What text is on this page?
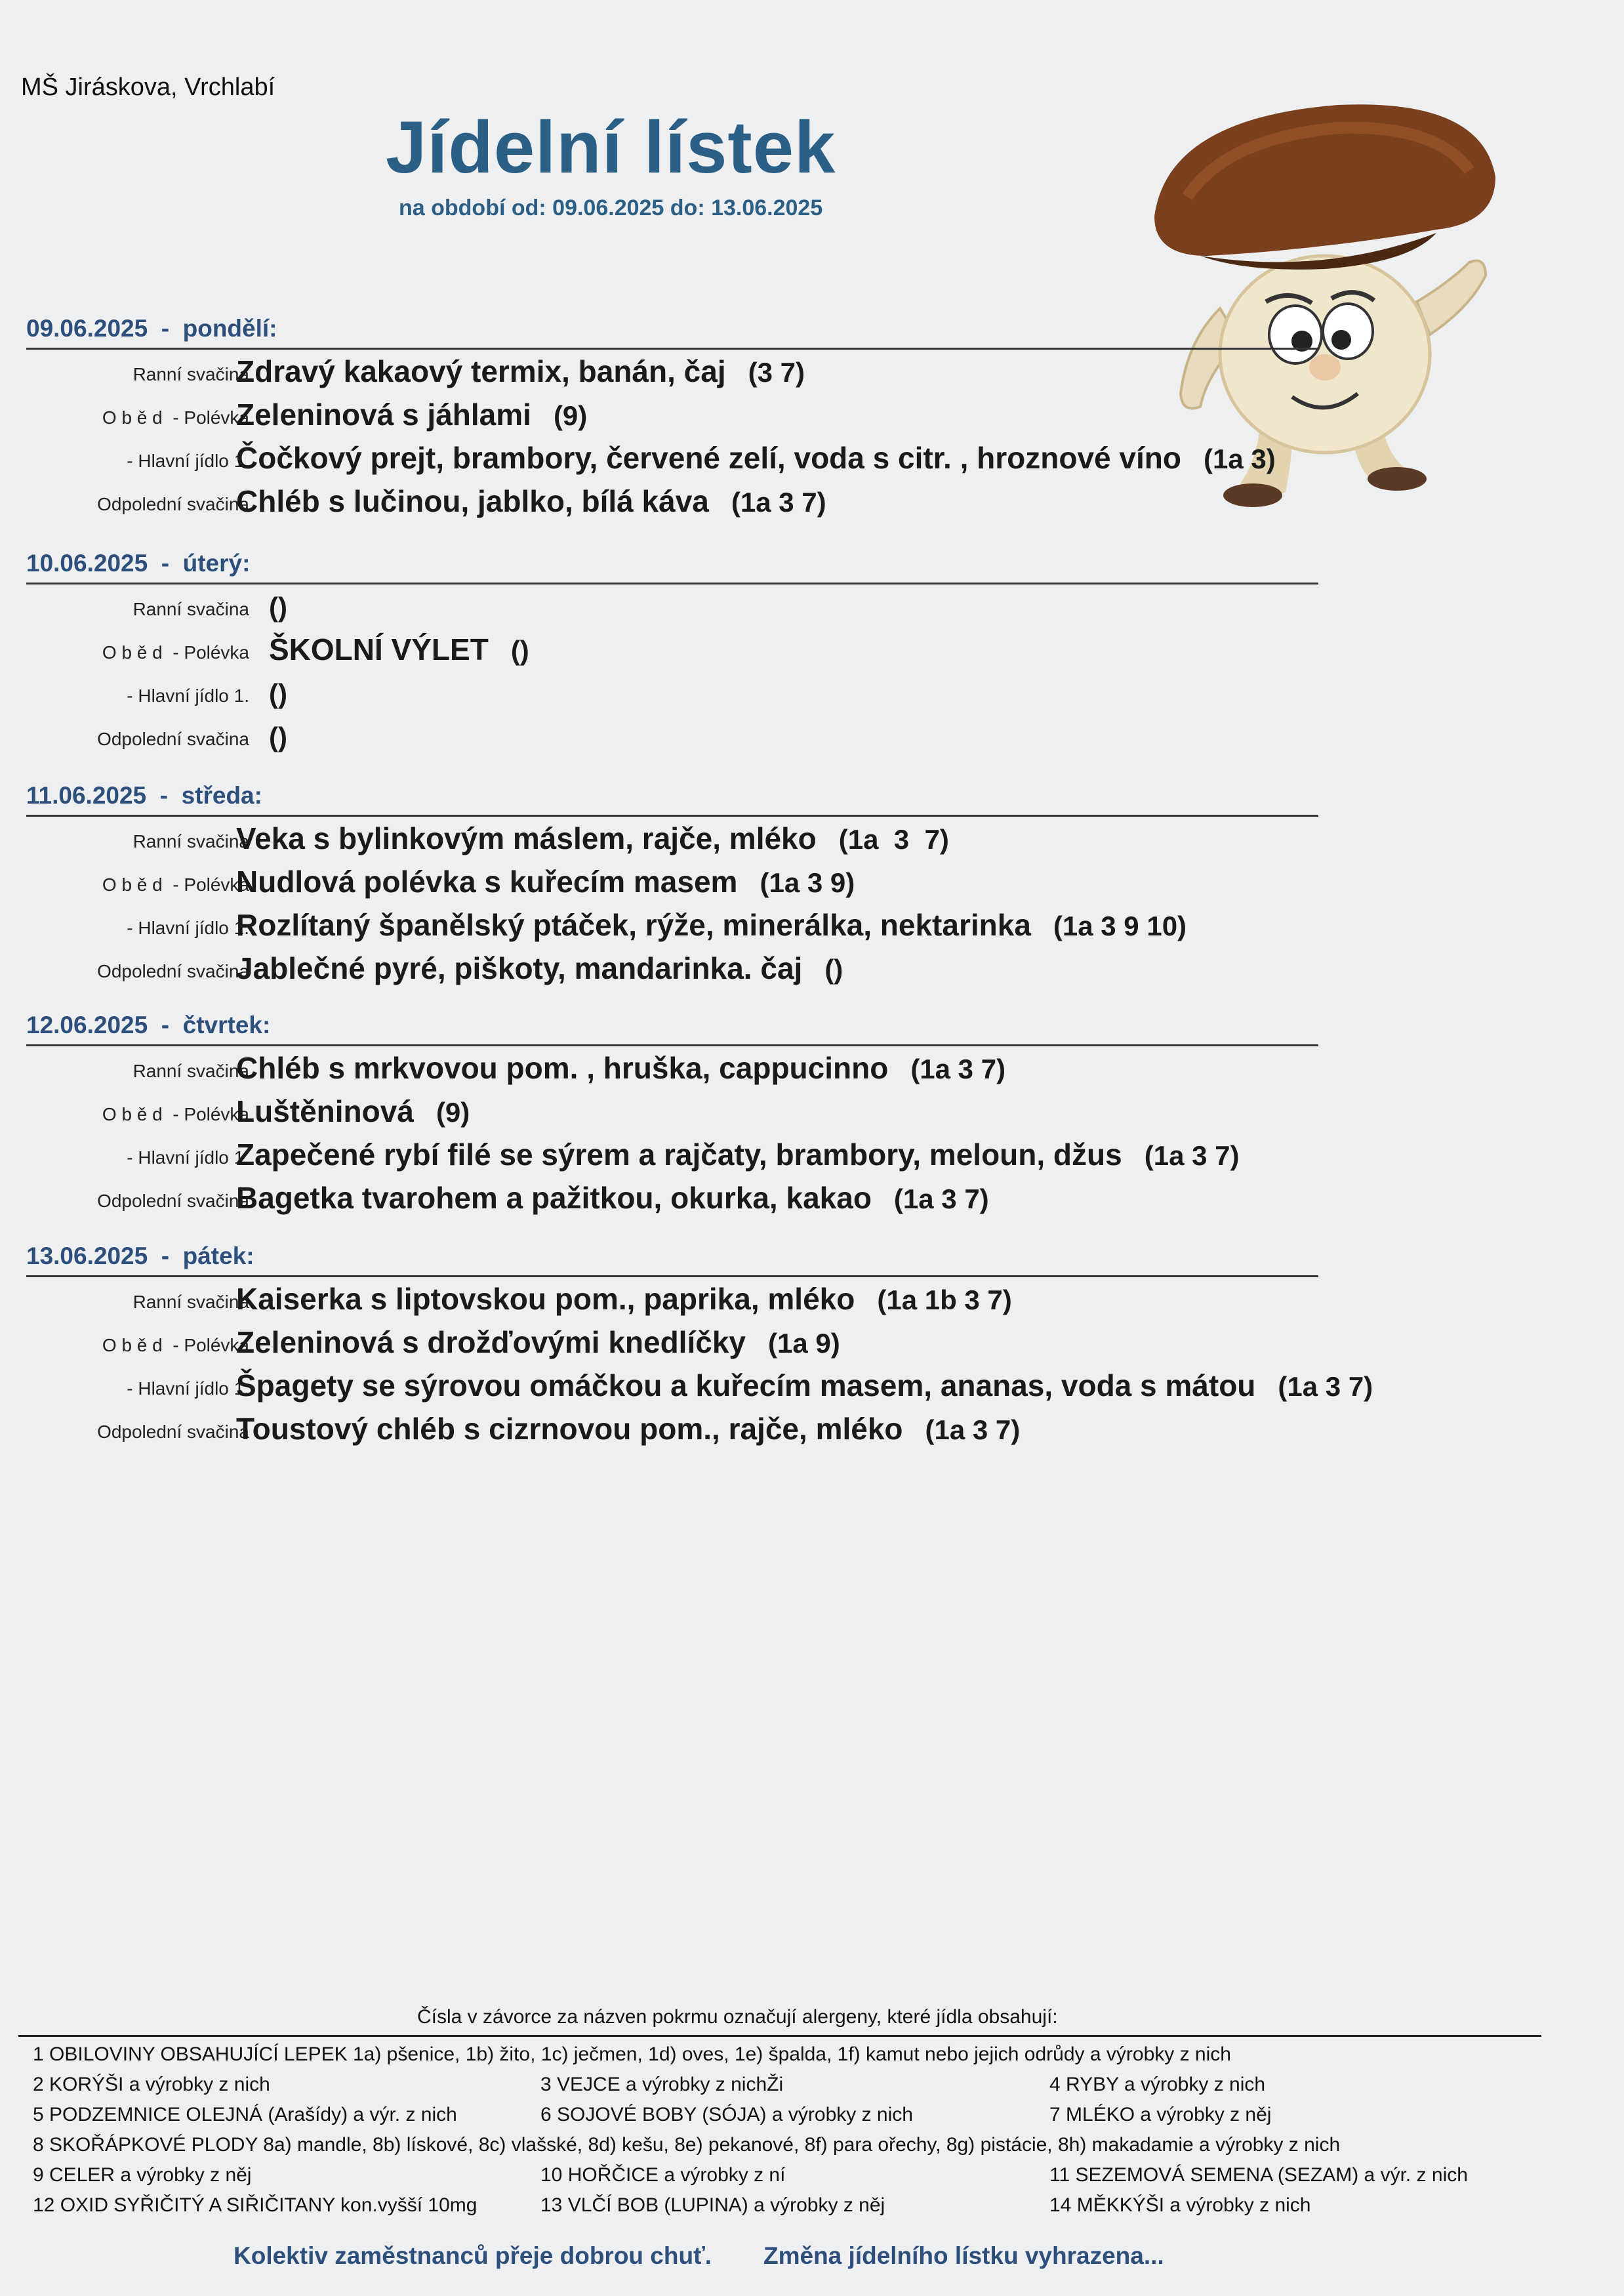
MŠ Jiráskova, Vrchlabí
Jídelní lístek
na období od: 09.06.2025 do: 13.06.2025
09.06.2025  -  pondělí:
Ranní svačina
Zdravý kakaový termix, banán, čaj (3 7)
O b ě d  - Polévka
Zeleninová s jáhlami (9)
- Hlavní jídlo 1.
Čočkový prejt, brambory, červené zelí, voda s citr. , hroznové víno (1a 3)
Odpolední svačina
Chléb s lučinou, jablko, bílá káva (1a 3 7)
10.06.2025  -  úterý:
Ranní svačina ()
O b ě d  - Polévka ŠKOLNÍ VÝLET ()
- Hlavní jídlo 1. ()
Odpolední svačina ()
11.06.2025  -  středa:
Ranní svačina
Veka s bylinkovým máslem, rajče, mléko (1a  3  7)
O b ě d  - Polévka
Nudlová polévka s kuřecím masem (1a 3 9)
- Hlavní jídlo 1.
Rozlítaný španělský ptáček, rýže, minerálka, nektarinka (1a 3 9 10)
Odpolední svačina
Jablečné pyré, piškoty, mandarinka. čaj ()
12.06.2025  -  čtvrtek:
Ranní svačina
Chléb s mrkvovou pom. , hruška, cappucinno (1a 3 7)
O b ě d  - Polévka
Luštěninová (9)
- Hlavní jídlo 1.
Zapečené rybí filé se sýrem a rajčaty, brambory, meloun, džus (1a 3 7)
Odpolední svačina
Bagetka tvarohem a pažitkou, okurka, kakao (1a 3 7)
13.06.2025  -  pátek:
Ranní svačina
Kaiserka s liptovskou pom., paprika, mléko (1a 1b 3 7)
O b ě d  - Polévka
Zeleninová s drožďovými knedlíčky (1a 9)
- Hlavní jídlo 1.
Špagety se sýrovou omáčkou a kuřecím masem, ananas, voda s mátou (1a 3 7)
Odpolední svačina
Toustový chléb s cizrnovou pom., rajče, mléko (1a 3 7)
Čísla v závorce za názven pokrmu označují alergeny, které jídla obsahují:
1 OBILOVINY OBSAHUJÍCÍ LEPEK 1a) pšenice, 1b) žito, 1c) ječmen, 1d) oves, 1e) špalda, 1f) kamut nebo jejich odrůdy a výrobky z nich
2 KORÝŠI a výrobky z nich	3 VEJCE a výrobky z nichŽi	4 RYBY a výrobky z nich
5 PODZEMNICE OLEJNÁ (Arašídy) a výr. z nich	6 SOJOVÉ BOBY (SÓJA) a výrobky z nich	7 MLÉKO a výrobky z něj
8 SKOŘÁPKOVÉ PLODY 8a) mandle, 8b) lískové, 8c) vlašské, 8d) kešu, 8e) pekanové, 8f) para ořechy, 8g) pistácie, 8h) makadamie a výrobky z nich
9 CELER a výrobky z něj	10 HOŘČICE a výrobky z ní	11 SEZEMOVÁ SEMENA (SEZAM) a výr. z nich
12 OXID SYŘIČITÝ A SIŘIČITANY kon.vyšší 10mg	13 VLČÍ BOB (LUPINA) a výrobky z něj	14 MĚKKÝŠI a výrobky z nich
Kolektiv zaměstnanců přeje dobrou chuť. Změna jídelního lístku vyhrazena...
